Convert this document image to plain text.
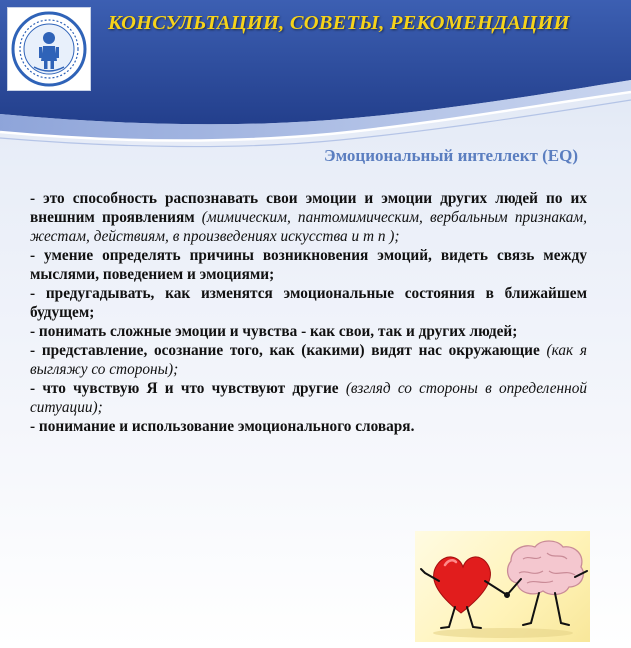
КОНСУЛЬТАЦИИ, СОВЕТЫ, РЕКОМЕНДАЦИИ
Эмоциональный интеллект (EQ)

- это способность распознавать свои эмоции и эмоции других людей по их внешним проявлениям (мимическим, пантомимическим, вербальным признакам, жестам, действиям, в произведениях искусства и т п );

- умение определять причины возникновения эмоций, видеть связь между мыслями, поведением и эмоциями;

- предугадывать, как изменятся эмоциональные состояния в ближайшем будущем;

- понимать сложные эмоции и чувства - как свои, так и других людей;

- представление, осознание того, как (какими) видят нас окружающие (как я выгляжу со стороны);

- что чувствую Я и что чувствуют другие (взгляд со стороны в определенной ситуации);

- понимание и использование эмоционального словаря.
